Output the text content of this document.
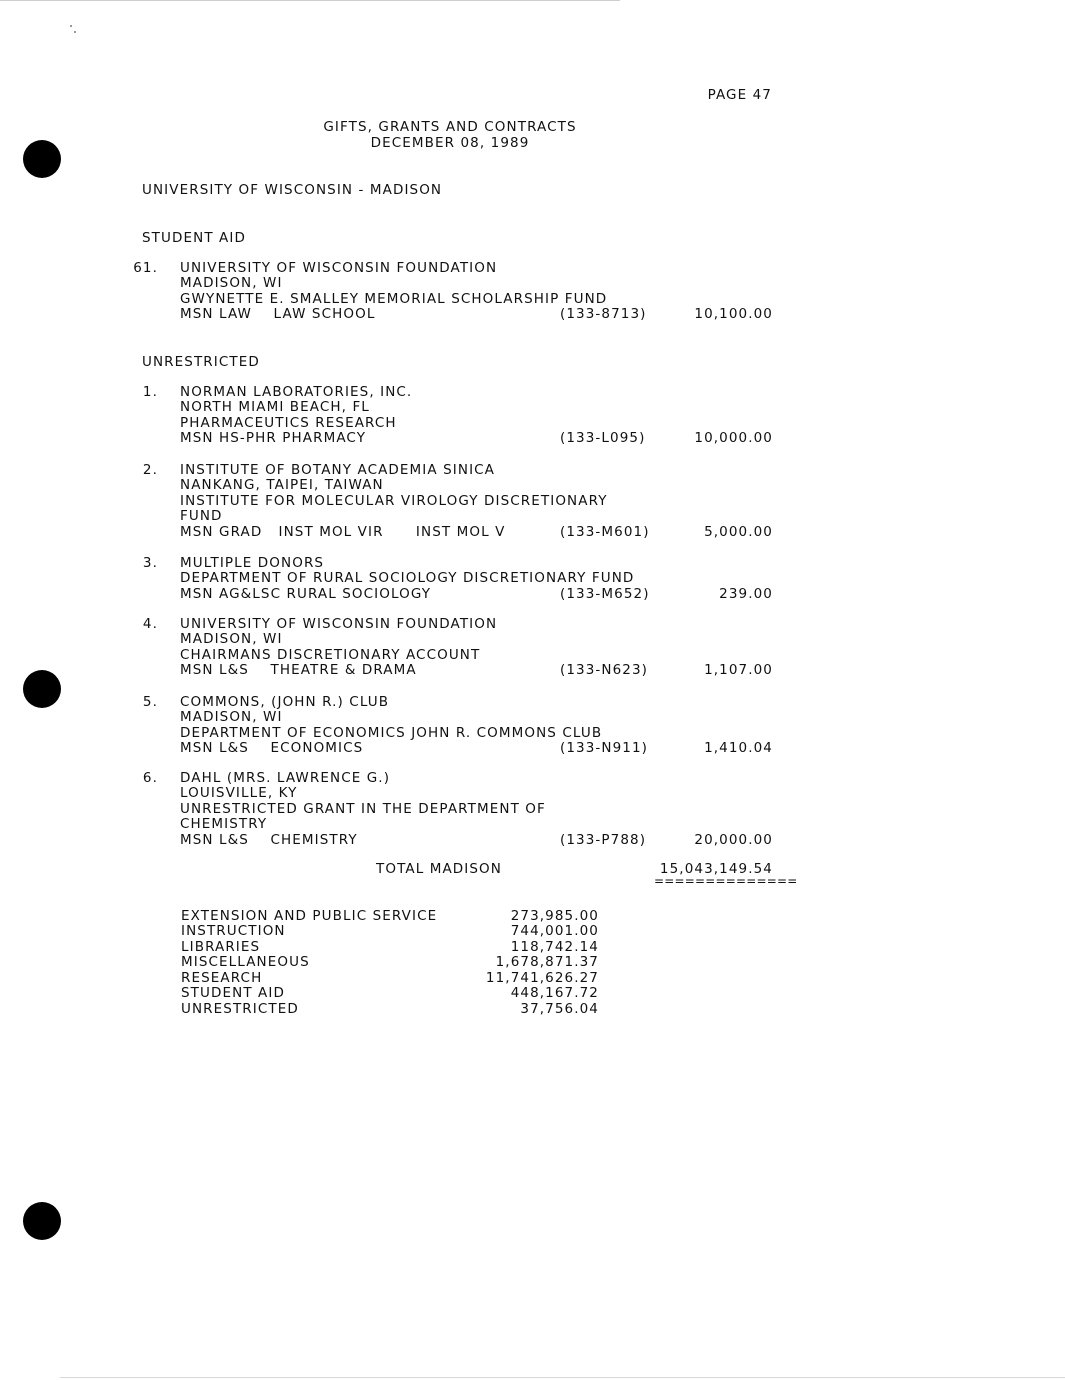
PAGE 47
GIFTS, GRANTS AND CONTRACTS
DECEMBER 08, 1989
UNIVERSITY OF WISCONSIN - MADISON
STUDENT AID
61. UNIVERSITY OF WISCONSIN FOUNDATION
MADISON, WI
GWYNETTE E. SMALLEY MEMORIAL SCHOLARSHIP FUND
MSN LAW    LAW SCHOOL	(133-8713)	10,100.00
UNRESTRICTED
1. NORMAN LABORATORIES, INC.
NORTH MIAMI BEACH, FL
PHARMACEUTICS RESEARCH
MSN HS-PHR PHARMACY	(133-L095)	10,000.00
2. INSTITUTE OF BOTANY ACADEMIA SINICA
NANKANG, TAIPEI, TAIWAN
INSTITUTE FOR MOLECULAR VIROLOGY DISCRETIONARY
FUND
MSN GRAD   INST MOL VIR      INST MOL V	(133-M601)	5,000.00
3. MULTIPLE DONORS
DEPARTMENT OF RURAL SOCIOLOGY DISCRETIONARY FUND
MSN AG&LSC RURAL SOCIOLOGY	(133-M652)	239.00
4. UNIVERSITY OF WISCONSIN FOUNDATION
MADISON, WI
CHAIRMANS DISCRETIONARY ACCOUNT
MSN L&S    THEATRE & DRAMA	(133-N623)	1,107.00
5. COMMONS, (JOHN R.) CLUB
MADISON, WI
DEPARTMENT OF ECONOMICS JOHN R. COMMONS CLUB
MSN L&S    ECONOMICS	(133-N911)	1,410.04
6. DAHL (MRS. LAWRENCE G.)
LOUISVILLE, KY
UNRESTRICTED GRANT IN THE DEPARTMENT OF
CHEMISTRY
MSN L&S    CHEMISTRY	(133-P788)	20,000.00
TOTAL MADISON	15,043,149.54
==============
EXTENSION AND PUBLIC SERVICE	273,985.00
INSTRUCTION	744,001.00
LIBRARIES	118,742.14
MISCELLANEOUS	1,678,871.37
RESEARCH	11,741,626.27
STUDENT AID	448,167.72
UNRESTRICTED	37,756.04
